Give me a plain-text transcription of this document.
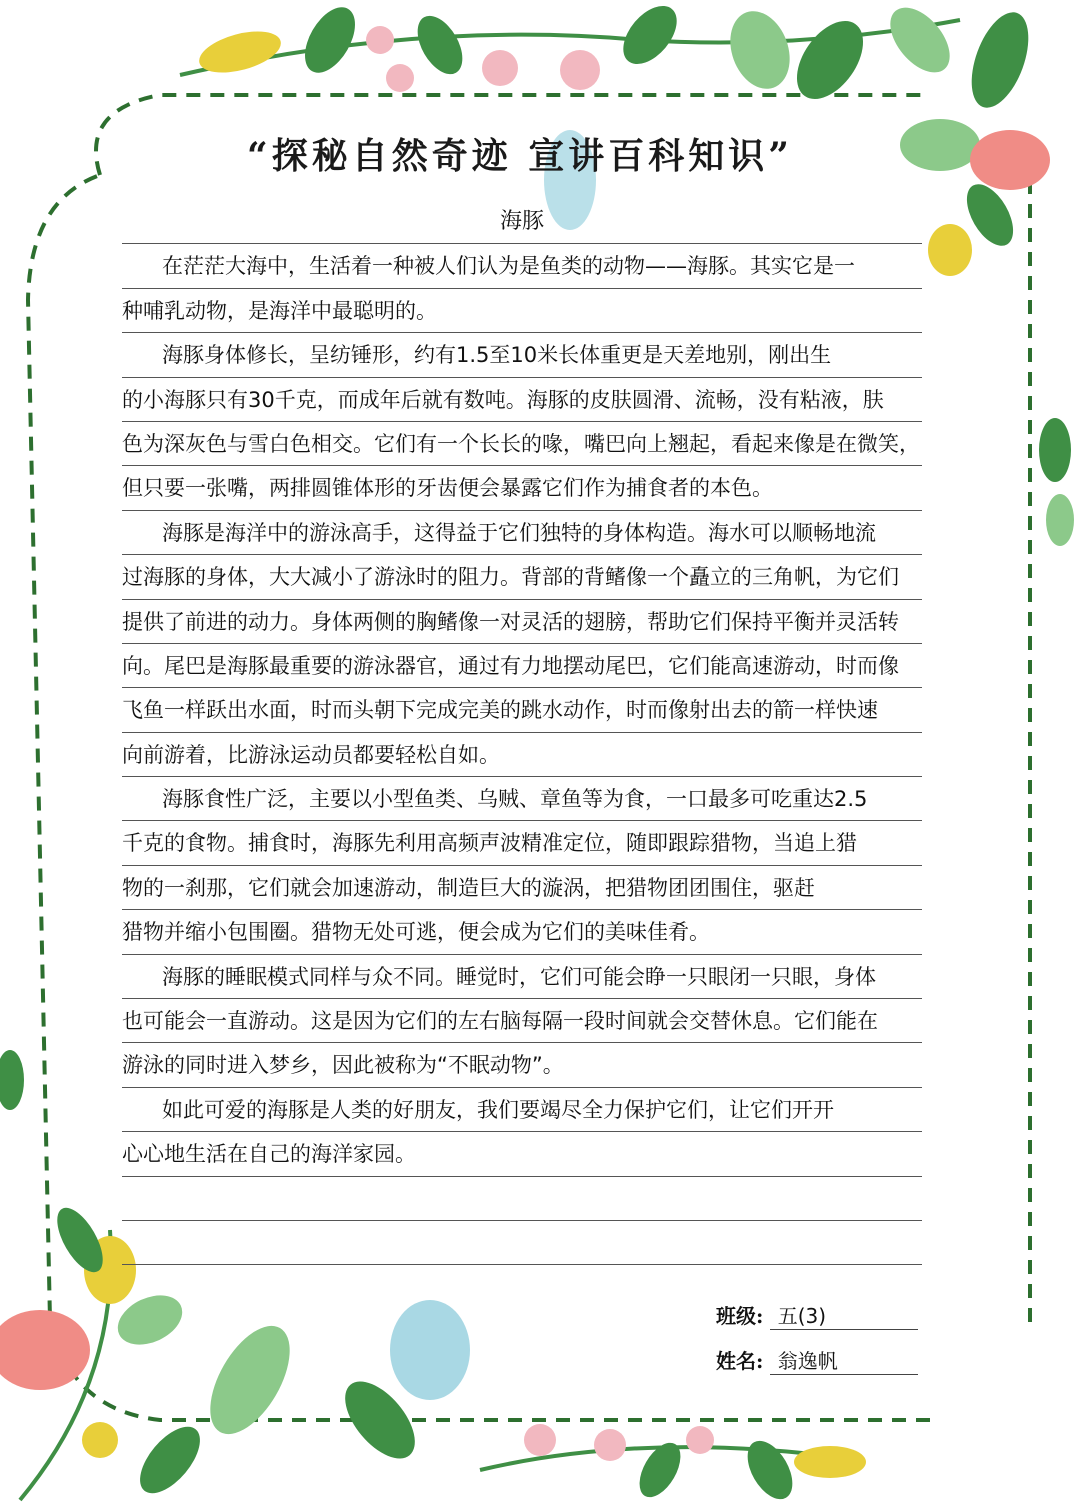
“探秘自然奇迹 宣讲百科知识”
海豚
在茫茫大海中，生活着一种被人们认为是鱼类的动物——海豚。其实它是一
种哺乳动物，是海洋中最聪明的。
海豚身体修长，呈纺锤形，约有1.5至10米长体重更是天差地别，刚出生
的小海豚只有30千克，而成年后就有数吨。海豚的皮肤圆滑、流畅，没有粘液，肤
色为深灰色与雪白色相交。它们有一个长长的喙，嘴巴向上翘起，看起来像是在微笑，
但只要一张嘴，两排圆锥体形的牙齿便会暴露它们作为捕食者的本色。
海豚是海洋中的游泳高手，这得益于它们独特的身体构造。海水可以顺畅地流
过海豚的身体，大大减小了游泳时的阻力。背部的背鳍像一个矗立的三角帆，为它们
提供了前进的动力。身体两侧的胸鳍像一对灵活的翅膀，帮助它们保持平衡并灵活转
向。尾巴是海豚最重要的游泳器官，通过有力地摆动尾巴，它们能高速游动，时而像
飞鱼一样跃出水面，时而头朝下完成完美的跳水动作，时而像射出去的箭一样快速
向前游着，比游泳运动员都要轻松自如。
海豚食性广泛，主要以小型鱼类、乌贼、章鱼等为食，一口最多可吃重达2.5
千克的食物。捕食时，海豚先利用高频声波精准定位，随即跟踪猎物，当追上猎
物的一刹那，它们就会加速游动，制造巨大的漩涡，把猎物团团围住，驱赶
猎物并缩小包围圈。猎物无处可逃，便会成为它们的美味佳肴。
海豚的睡眠模式同样与众不同。睡觉时，它们可能会睁一只眼闭一只眼，身体
也可能会一直游动。这是因为它们的左右脑每隔一段时间就会交替休息。它们能在
游泳的同时进入梦乡，因此被称为“不眠动物”。
如此可爱的海豚是人类的好朋友，我们要竭尽全力保护它们，让它们开开
心心地生活在自己的海洋家园。
班级: 五(3)
姓名: 翁逸帆
